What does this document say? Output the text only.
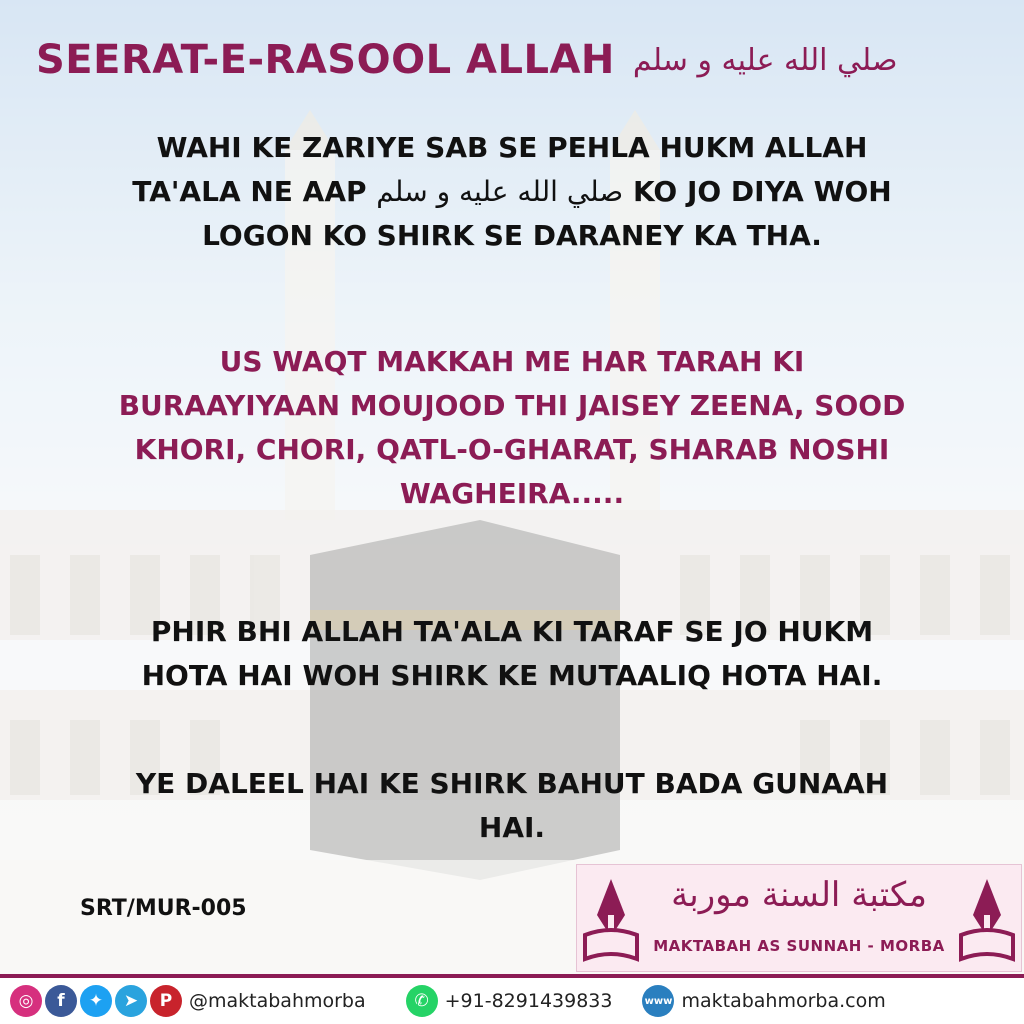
SEERAT-E-RASOOL ALLAH صلي الله عليه و سلم
WAHI KE ZARIYE SAB SE PEHLA HUKM ALLAH
TA'ALA NE AAP صلي الله عليه و سلم KO JO DIYA WOH
LOGON KO SHIRK SE DARANEY KA THA.
US WAQT MAKKAH ME HAR TARAH KI
BURAAYIYAAN MOUJOOD THI JAISEY ZEENA, SOOD
KHORI, CHORI, QATL-O-GHARAT, SHARAB NOSHI
WAGHEIRA.....
PHIR BHI ALLAH TA'ALA KI TARAF SE JO HUKM
HOTA HAI WOH SHIRK KE MUTAALIQ HOTA HAI.
YE DALEEL HAI KE SHIRK BAHUT BADA GUNAAH
HAI.
SRT/MUR-005	مكتبة السنة موربة
MAKTABAH AS SUNNAH - MORBA
◎	f	✦	➤	P @maktabahmorba	✆ +91-8291439833	www maktabahmorba.com
